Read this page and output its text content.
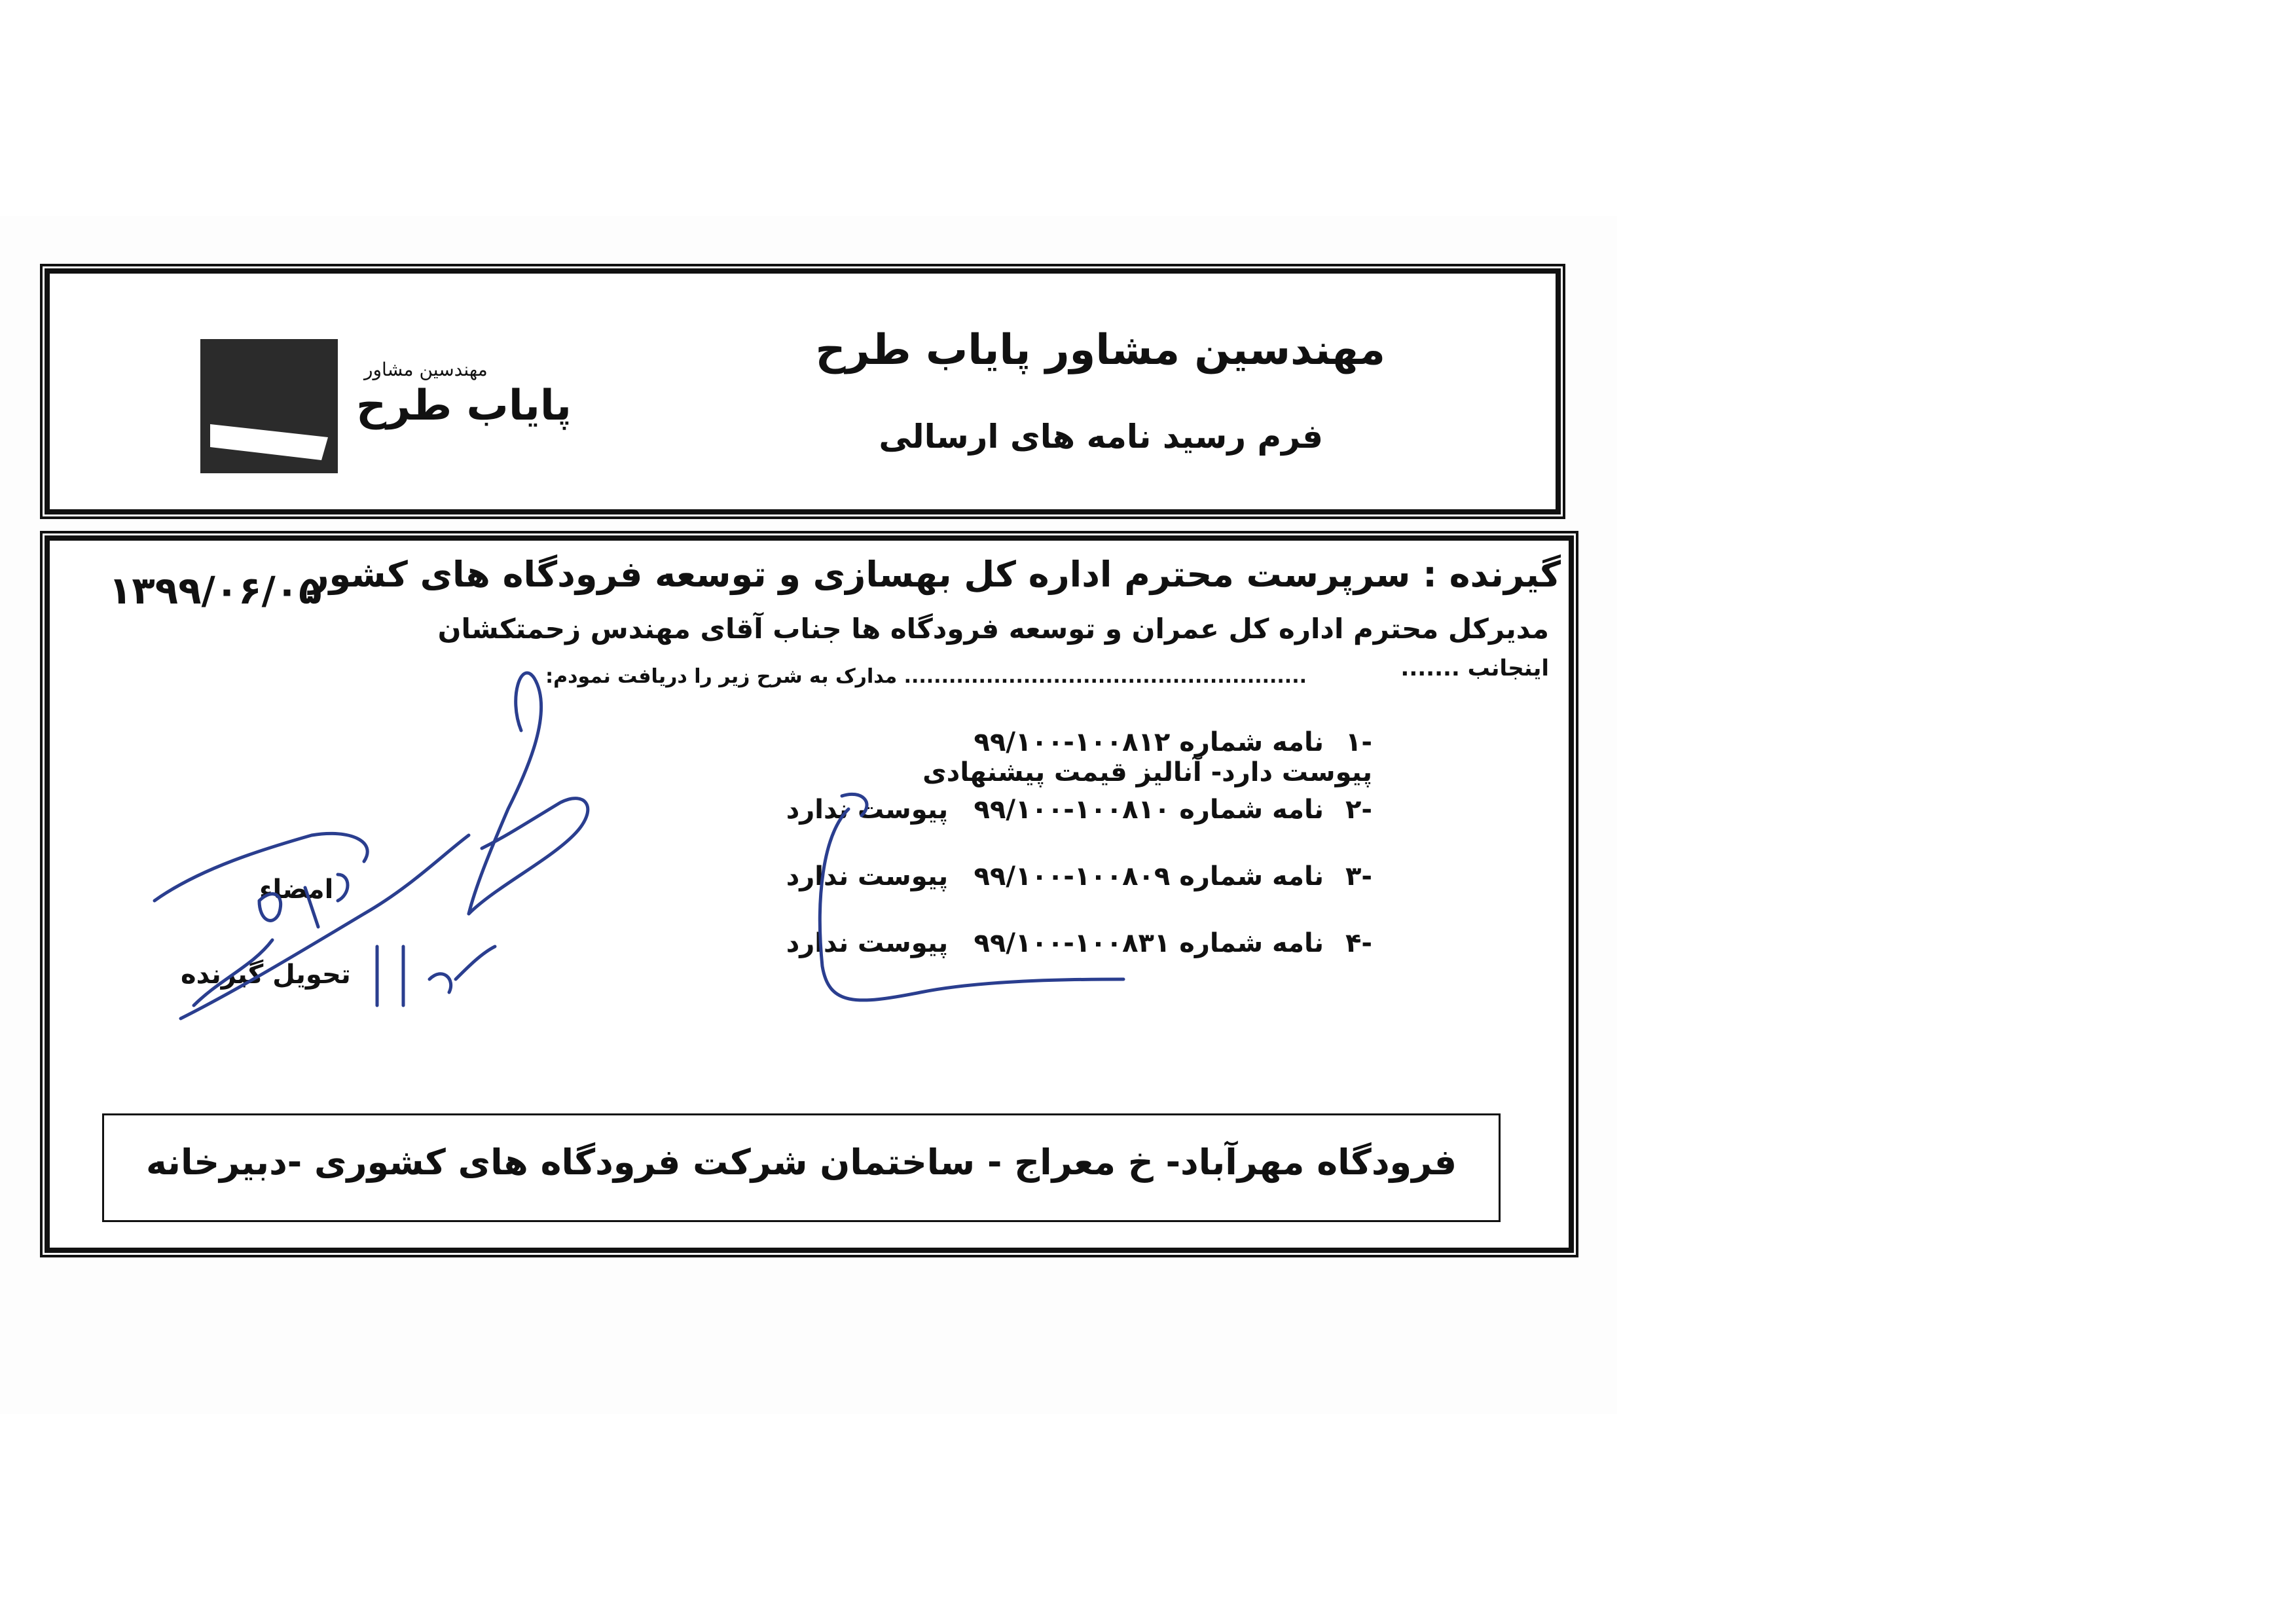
مهندسین مشاور
پایاب طرح
مهندسین مشاور پایاب طرح
فرم رسید نامه های ارسالی
گیرنده : سرپرست محترم اداره کل بهسازی و توسعه فرودگاه های کشور
مدیرکل محترم اداره کل عمران و توسعه فرودگاه ها جناب آقای مهندس زحمتکشان
اینجانب .......
...................................................... مدارک به شرح زیر را دریافت نمودم:
۱۳۹۹/۰۶/۰۵
-۱ نامه شماره ۱۰۰۸۱۲-۹۹/۱۰۰ پیوست دارد- آنالیز قیمت پیشنهادی
-۲ نامه شماره ۱۰۰۸۱۰-۹۹/۱۰۰ پیوست ندارد
-۳ نامه شماره ۱۰۰۸۰۹-۹۹/۱۰۰ پیوست ندارد
-۴ نامه شماره ۱۰۰۸۳۱-۹۹/۱۰۰ پیوست ندارد
امضاء
تحویل گیرنده
فرودگاه مهرآباد- خ معراج - ساختمان شرکت فرودگاه های کشوری -دبیرخانه
